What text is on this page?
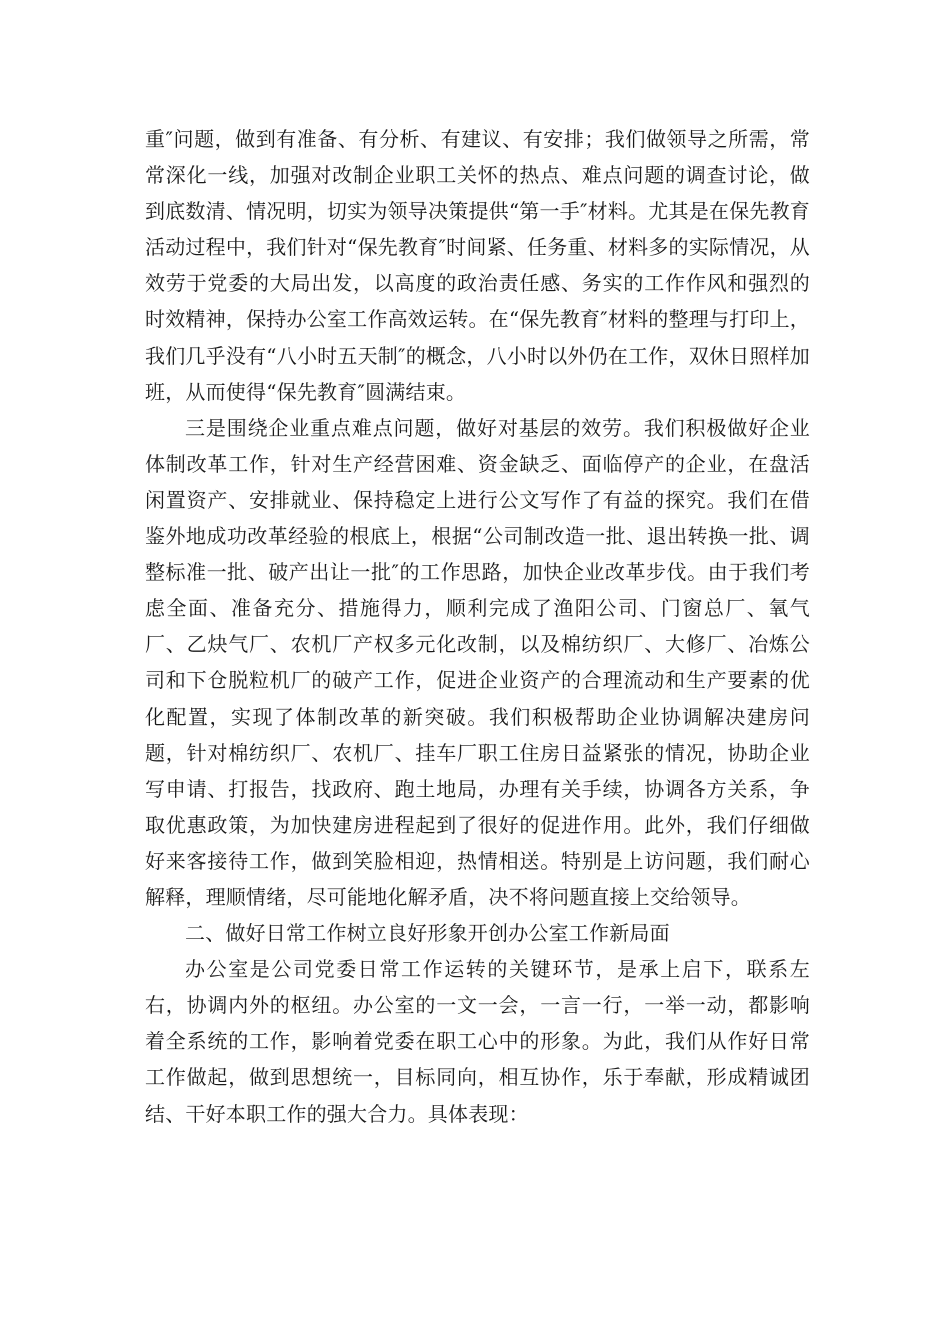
重″问题，做到有准备、有分析、有建议、有安排；我们做领导之所需，常常深化一线，加强对改制企业职工关怀的热点、难点问题的调查讨论，做到底数清、情况明，切实为领导决策提供“第一手″材料。尤其是在保先教育活动过程中，我们针对“保先教育″时间紧、任务重、材料多的实际情况，从效劳于党委的大局出发，以高度的政治责任感、务实的工作作风和强烈的时效精神，保持办公室工作高效运转。在“保先教育″材料的整理与打印上，我们几乎没有“八小时五天制″的概念，八小时以外仍在工作，双休日照样加班，从而使得“保先教育″圆满结束。

三是围绕企业重点难点问题，做好对基层的效劳。我们积极做好企业体制改革工作，针对生产经营困难、资金缺乏、面临停产的企业，在盘活闲置资产、安排就业、保持稳定上进行公文写作了有益的探究。我们在借鉴外地成功改革经验的根底上，根据“公司制改造一批、退出转换一批、调整标准一批、破产出让一批″的工作思路，加快企业改革步伐。由于我们考虑全面、准备充分、措施得力，顺利完成了渔阳公司、门窗总厂、氧气厂、乙炔气厂、农机厂产权多元化改制，以及棉纺织厂、大修厂、冶炼公司和下仓脱粒机厂的破产工作，促进企业资产的合理流动和生产要素的优化配置，实现了体制改革的新突破。我们积极帮助企业协调解决建房问题，针对棉纺织厂、农机厂、挂车厂职工住房日益紧张的情况，协助企业写申请、打报告，找政府、跑土地局，办理有关手续，协调各方关系，争取优惠政策，为加快建房进程起到了很好的促进作用。此外，我们仔细做好来客接待工作，做到笑脸相迎，热情相送。特别是上访问题，我们耐心解释，理顺情绪，尽可能地化解矛盾，决不将问题直接上交给领导。

二、做好日常工作树立良好形象开创办公室工作新局面

办公室是公司党委日常工作运转的关键环节，是承上启下，联系左右，协调内外的枢纽。办公室的一文一会，一言一行，一举一动，都影响着全系统的工作，影响着党委在职工心中的形象。为此，我们从作好日常工作做起，做到思想统一，目标同向，相互协作，乐于奉献，形成精诚团结、干好本职工作的强大合力。具体表现：
